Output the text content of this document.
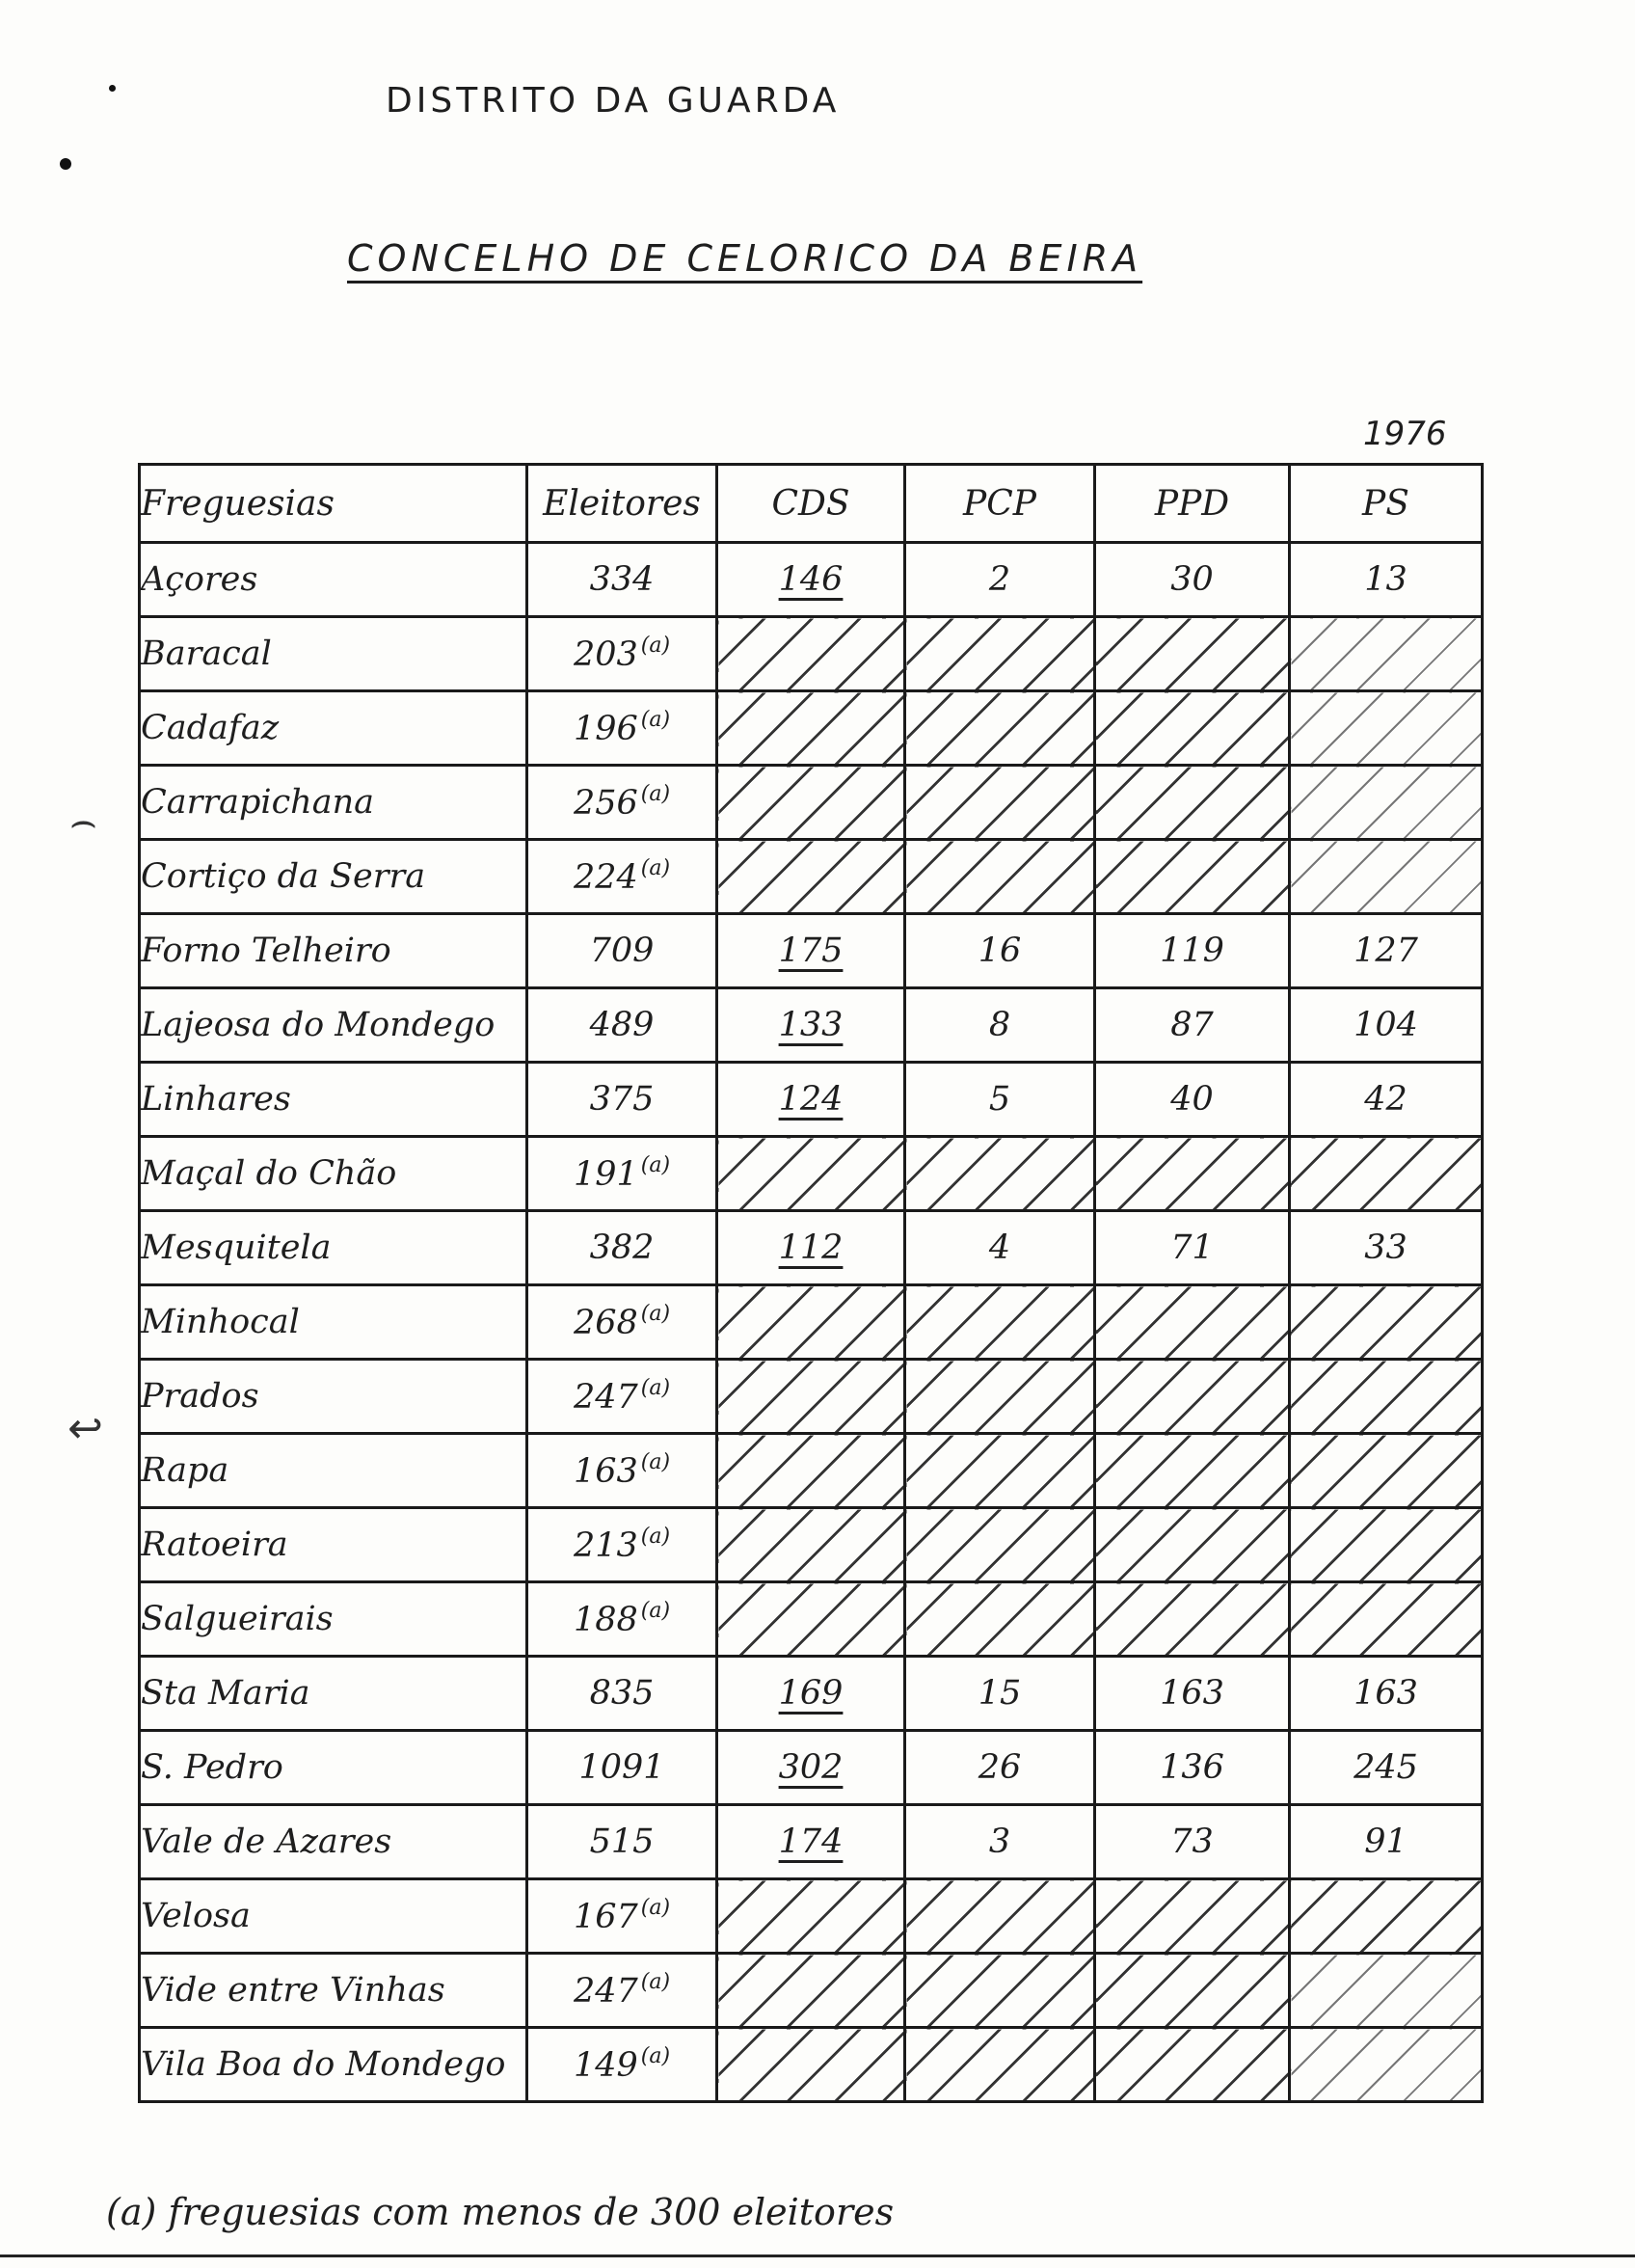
DISTRITO DA GUARDA
CONCELHO DE CELORICO DA BEIRA
1976
⌢
↩
Freguesias	Eleitores	CDS	PCP	PPD	PS
Açores	334	146	2	30	13
Baracal	203 $^{(a)}$				
Cadafaz	196 $^{(a)}$				
Carrapichana	256 $^{(a)}$				
Cortiço da Serra	224 $^{(a)}$				
Forno Telheiro	709	175	16	119	127
Lajeosa do Mondego	489	133	8	87	104
Linhares	375	124	5	40	42
Maçal do Chão	191 $^{(a)}$				
Mesquitela	382	112	4	71	33
Minhocal	268 $^{(a)}$				
Prados	247 $^{(a)}$				
Rapa	163 $^{(a)}$				
Ratoeira	213 $^{(a)}$				
Salgueirais	188 $^{(a)}$				
Sta Maria	835	169	15	163	163
S. Pedro	1091	302	26	136	245
Vale de Azares	515	174	3	73	91
Velosa	167 $^{(a)}$				
Vide entre Vinhas	247 $^{(a)}$				
Vila Boa do Mondego	149 $^{(a)}$				
(a) freguesias com menos de 300 eleitores
